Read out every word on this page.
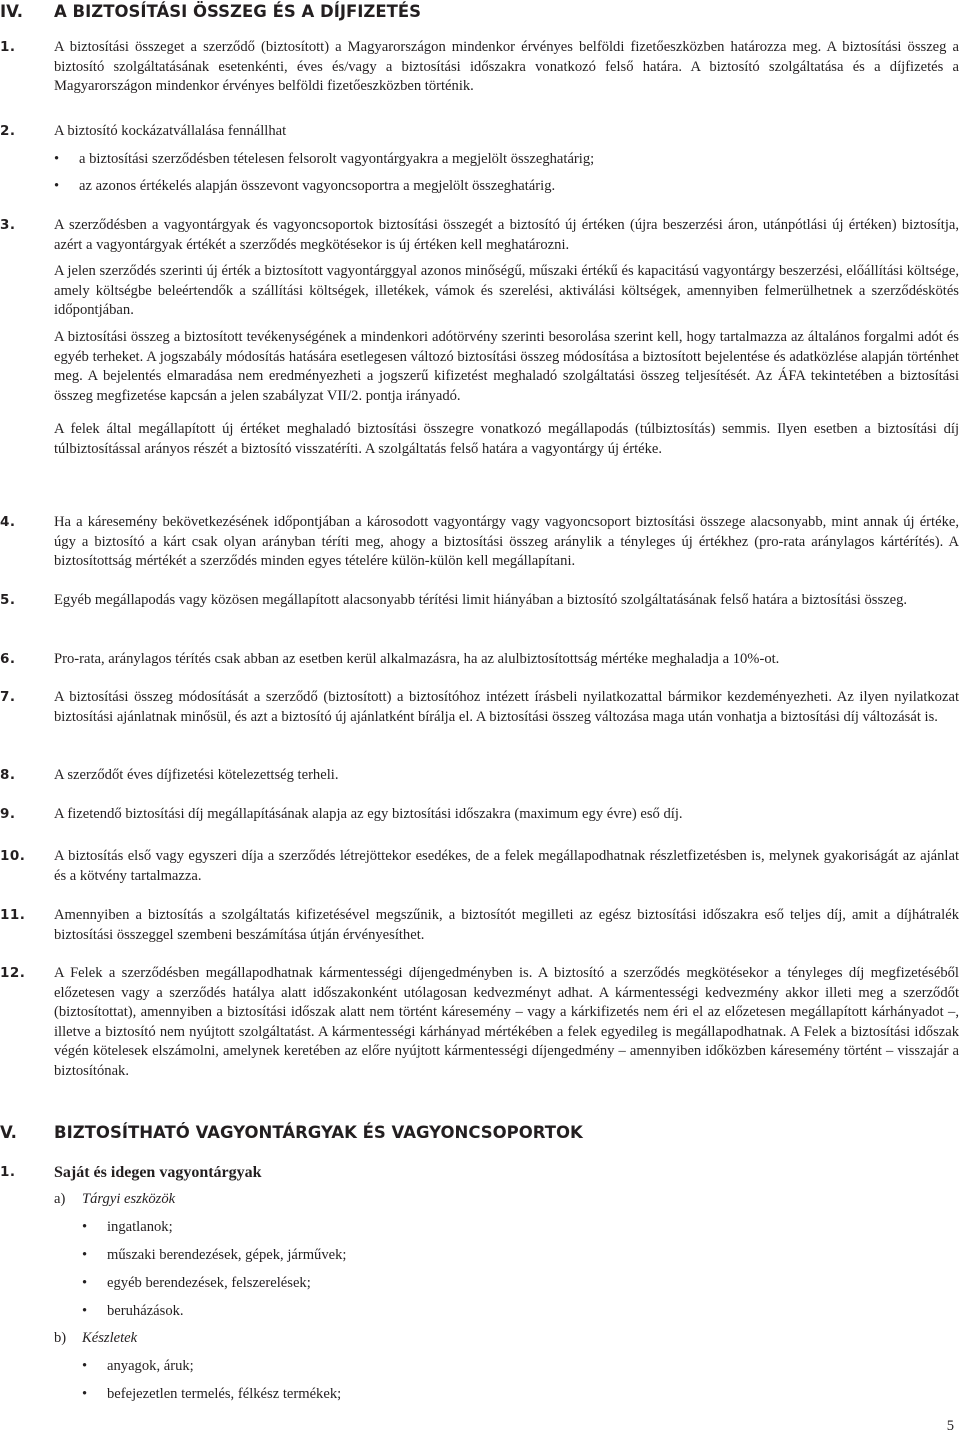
IV. A BIZTOSÍTÁSI ÖSSZEG ÉS A DÍJFIZETÉS
1.	A biztosítási összeget a szerződő (biztosított) a Magyarországon mindenkor érvényes belföldi fizetőeszközben határozza meg. A biztosítási összeg a biztosító szolgáltatásának esetenkénti, éves és/vagy a biztosítási időszakra vonatkozó felső határa. A biztosító szolgáltatása és a díjfizetés a Magyarországon mindenkor érvényes belföldi fizetőeszközben történik.
2.	A biztosító kockázatvállalása fennállhat
• a biztosítási szerződésben tételesen felsorolt vagyontárgyakra a megjelölt összeghatárig;
• az azonos értékelés alapján összevont vagyoncsoportra a megjelölt összeghatárig.
3.	A szerződésben a vagyontárgyak és vagyoncsoportok biztosítási összegét a biztosító új értéken (újra beszerzési áron, utánpótlási új értéken) biztosítja, azért a vagyontárgyak értékét a szerződés megkötésekor is új értéken kell meghatározni.
A jelen szerződés szerinti új érték a biztosított vagyontárggyal azonos minőségű, műszaki értékű és kapacitású vagyontárgy beszerzési, előállítási költsége, amely költségbe beleértendők a szállítási költségek, illetékek, vámok és szerelési, aktiválási költségek, amennyiben felmerülhetnek a szerződéskötés időpontjában.
A biztosítási összeg a biztosított tevékenységének a mindenkori adótörvény szerinti besorolása szerint kell, hogy tartalmazza az általános forgalmi adót és egyéb terheket. A jogszabály módosítás hatására esetlegesen változó biztosítási összeg módosítása a biztosított bejelentése és adatközlése alapján történhet meg. A bejelentés elmaradása nem eredményezheti a jogszerű kifizetést meghaladó szolgáltatási összeg teljesítését. Az ÁFA tekintetében a biztosítási összeg megfizetése kapcsán a jelen szabályzat VII/2. pontja irányadó.
A felek által megállapított új értéket meghaladó biztosítási összegre vonatkozó megállapodás (túlbiztosítás) semmis. Ilyen esetben a biztosítási díj túlbiztosítással arányos részét a biztosító visszatéríti. A szolgáltatás felső határa a vagyontárgy új értéke.
4.	Ha a káresemény bekövetkezésének időpontjában a károsodott vagyontárgy vagy vagyoncsoport biztosítási összege alacsonyabb, mint annak új értéke, úgy a biztosító a kárt csak olyan arányban téríti meg, ahogy a biztosítási összeg aránylik a tényleges új értékhez (pro-rata aránylagos kártérítés). A biztosítottság mértékét a szerződés minden egyes tételére külön-külön kell megállapítani.
5.	Egyéb megállapodás vagy közösen megállapított alacsonyabb térítési limit hiányában a biztosító szolgáltatásának felső határa a biztosítási összeg.
6.	Pro-rata, aránylagos térítés csak abban az esetben kerül alkalmazásra, ha az alulbiztosítottság mértéke meghaladja a 10%-ot.
7.	A biztosítási összeg módosítását a szerződő (biztosított) a biztosítóhoz intézett írásbeli nyilatkozattal bármikor kezdeményezheti. Az ilyen nyilatkozat biztosítási ajánlatnak minősül, és azt a biztosító új ajánlatként bírálja el. A biztosítási összeg változása maga után vonhatja a biztosítási díj változását is.
8.	A szerződőt éves díjfizetési kötelezettség terheli.
9.	A fizetendő biztosítási díj megállapításának alapja az egy biztosítási időszakra (maximum egy évre) eső díj.
10. A biztosítás első vagy egyszeri díja a szerződés létrejöttekor esedékes, de a felek megállapodhatnak részletfizetésben is, melynek gyakoriságát az ajánlat és a kötvény tartalmazza.
11. Amennyiben a biztosítás a szolgáltatás kifizetésével megszűnik, a biztosítót megilleti az egész biztosítási időszakra eső teljes díj, amit a díjhátralék biztosítási összeggel szembeni beszámítása útján érvényesíthet.
12. A Felek a szerződésben megállapodhatnak kármentességi díjengedményben is. A biztosító a szerződés megkötésekor a tényleges díj megfizetéséből előzetesen vagy a szerződés hatálya alatt időszakonként utólagosan kedvezményt adhat. A kármentességi kedvezmény akkor illeti meg a szerződőt (biztosítottat), amennyiben a biztosítási időszak alatt nem történt káresemény – vagy a kárkifizetés nem éri el az előzetesen megállapított kárhányadot –, illetve a biztosító nem nyújtott szolgáltatást. A kármentességi kárhányad mértékében a felek egyedileg is megállapodhatnak. A Felek a biztosítási időszak végén kötelesek elszámolni, amelynek keretében az előre nyújtott kármentességi díjengedmény – amennyiben időközben káresemény történt – visszajár a biztosítónak.
V. BIZTOSÍTHATÓ VAGYONTÁRGYAK ÉS VAGYONCSOPORTOK
1. Saját és idegen vagyontárgyak
a) Tárgyi eszközök
• ingatlanok;
• műszaki berendezések, gépek, járművek;
• egyéb berendezések, felszerelések;
• beruházások.
b) Készletek
• anyagok, áruk;
• befejezetlen termelés, félkész termékek;
5
